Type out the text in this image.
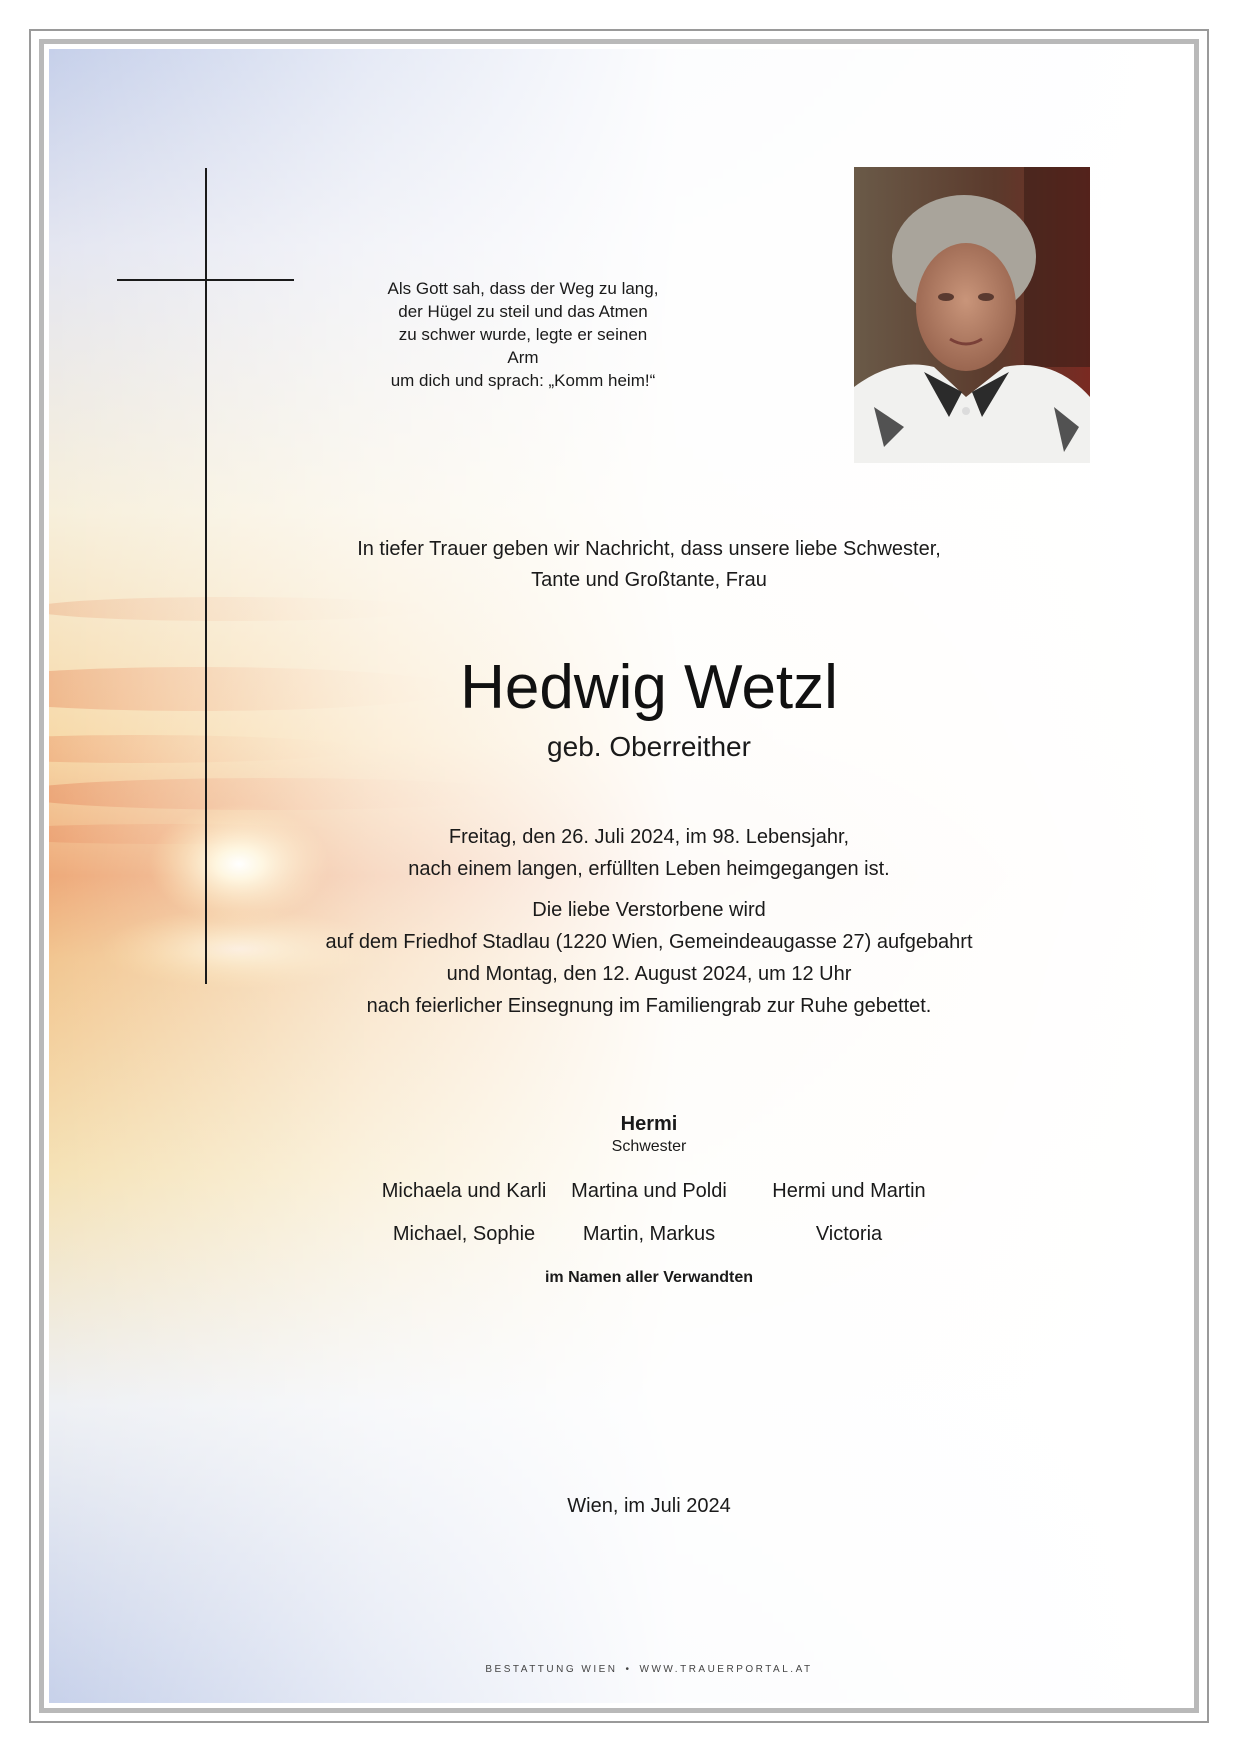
Als Gott sah, dass der Weg zu lang,
der Hügel zu steil und das Atmen
zu schwer wurde, legte er seinen Arm
um dich und sprach: „Komm heim!“

In tiefer Trauer geben wir Nachricht, dass unsere liebe Schwester,
Tante und Großtante, Frau
Hedwig Wetzl
geb. Oberreither
Freitag, den 26. Juli 2024, im 98. Lebensjahr,
nach einem langen, erfüllten Leben heimgegangen ist.
Die liebe Verstorbene wird
auf dem Friedhof Stadlau (1220 Wien, Gemeindeaugasse 27) aufgebahrt
und Montag, den 12. August 2024, um 12 Uhr
nach feierlicher Einsegnung im Familiengrab zur Ruhe gebettet.
Hermi
Schwester
Michaela und Karli	Martina und Poldi	Hermi und Martin
Michael, Sophie	Martin, Markus	Victoria
im Namen aller Verwandten
Wien, im Juli 2024
BESTATTUNG WIEN • WWW.TRAUERPORTAL.AT
